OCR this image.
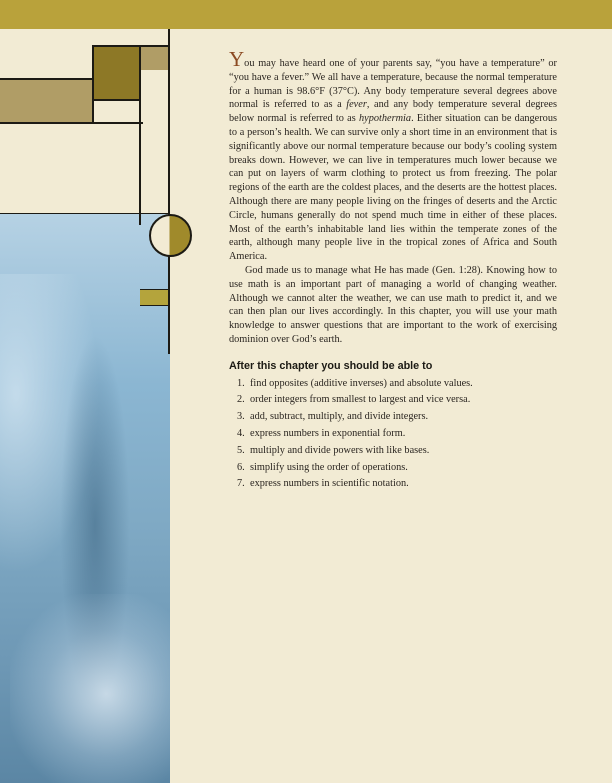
You may have heard one of your parents say, “you have a temperature” or “you have a fever.” We all have a temperature, because the normal temperature for a human is 98.6°F (37°C). Any body temperature several degrees above normal is referred to as a fever, and any body temperature several degrees below normal is referred to as hypothermia. Either situation can be dangerous to a person’s health. We can survive only a short time in an environment that is significantly above our normal temperature because our body’s cooling system breaks down. However, we can live in temperatures much lower because we can put on layers of warm clothing to protect us from freezing. The polar regions of the earth are the coldest places, and the deserts are the hottest places. Although there are many people living on the fringes of deserts and the Arctic Circle, humans generally do not spend much time in either of these places. Most of the earth’s inhabitable land lies within the temperate zones of the earth, although many people live in the tropical zones of Africa and South America.

God made us to manage what He has made (Gen. 1:28). Knowing how to use math is an important part of managing a world of changing weather. Although we cannot alter the weather, we can use math to predict it, and we can then plan our lives accordingly. In this chapter, you will use your math knowledge to answer questions that are important to the work of exercising dominion over God’s earth.

After this chapter you should be able to
1. find opposites (additive inverses) and absolute values.
2. order integers from smallest to largest and vice versa.
3. add, subtract, multiply, and divide integers.
4. express numbers in exponential form.
5. multiply and divide powers with like bases.
6. simplify using the order of operations.
7. express numbers in scientific notation.
